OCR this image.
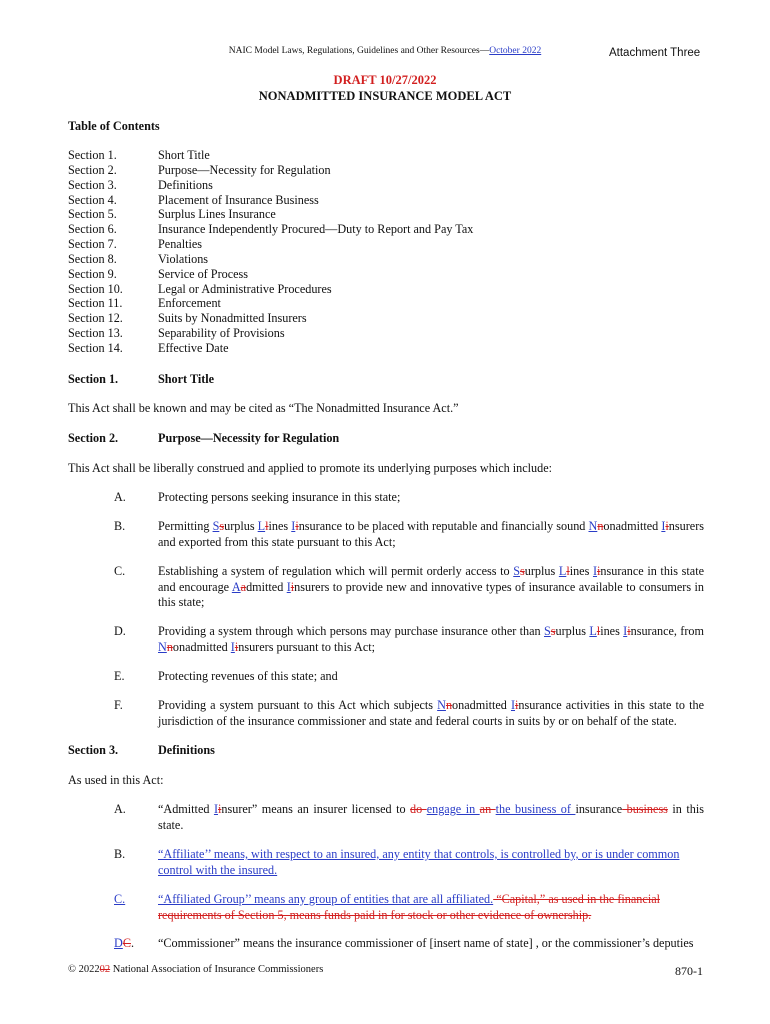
NAIC Model Laws, Regulations, Guidelines and Other Resources—October 2022	Attachment Three
DRAFT 10/27/2022
NONADMITTED INSURANCE MODEL ACT
Table of Contents
Section 1.	Short Title
Section 2.	Purpose—Necessity for Regulation
Section 3.	Definitions
Section 4.	Placement of Insurance Business
Section 5.	Surplus Lines Insurance
Section 6.	Insurance Independently Procured—Duty to Report and Pay Tax
Section 7.	Penalties
Section 8.	Violations
Section 9.	Service of Process
Section 10.	Legal or Administrative Procedures
Section 11.	Enforcement
Section 12.	Suits by Nonadmitted Insurers
Section 13.	Separability of Provisions
Section 14.	Effective Date
Section 1.	Short Title
This Act shall be known and may be cited as “The Nonadmitted Insurance Act.”
Section 2.	Purpose—Necessity for Regulation
This Act shall be liberally construed and applied to promote its underlying purposes which include:
A.	Protecting persons seeking insurance in this state;
B.	Permitting Ssurplus Llines Iinsurance to be placed with reputable and financially sound Nnonadmitted Iinsurers and exported from this state pursuant to this Act;
C.	Establishing a system of regulation which will permit orderly access to Ssurplus Llines Iinsurance in this state and encourage Aadmitted Iinsurers to provide new and innovative types of insurance available to consumers in this state;
D.	Providing a system through which persons may purchase insurance other than Ssurplus Llines Iinsurance, from Nnonadmitted Iinsurers pursuant to this Act;
E.	Protecting revenues of this state; and
F.	Providing a system pursuant to this Act which subjects Nnonadmitted Iinsurance activities in this state to the jurisdiction of the insurance commissioner and state and federal courts in suits by or on behalf of the state.
Section 3.	Definitions
As used in this Act:
A.	“Admitted Iinsurer” means an insurer licensed to do engage in an the business of insurance business in this state.
B.	“Affiliate’’ means, with respect to an insured, any entity that controls, is controlled by, or is under common control with the insured.
C.	“Affiliated Group’’ means any group of entities that are all affiliated. “Capital,” as used in the financial requirements of Section 5, means funds paid in for stock or other evidence of ownership.
DC.	“Commissioner” means the insurance commissioner of [insert name of state] , or the commissioner’s deputies
© 202202 National Association of Insurance Commissioners	870-1
